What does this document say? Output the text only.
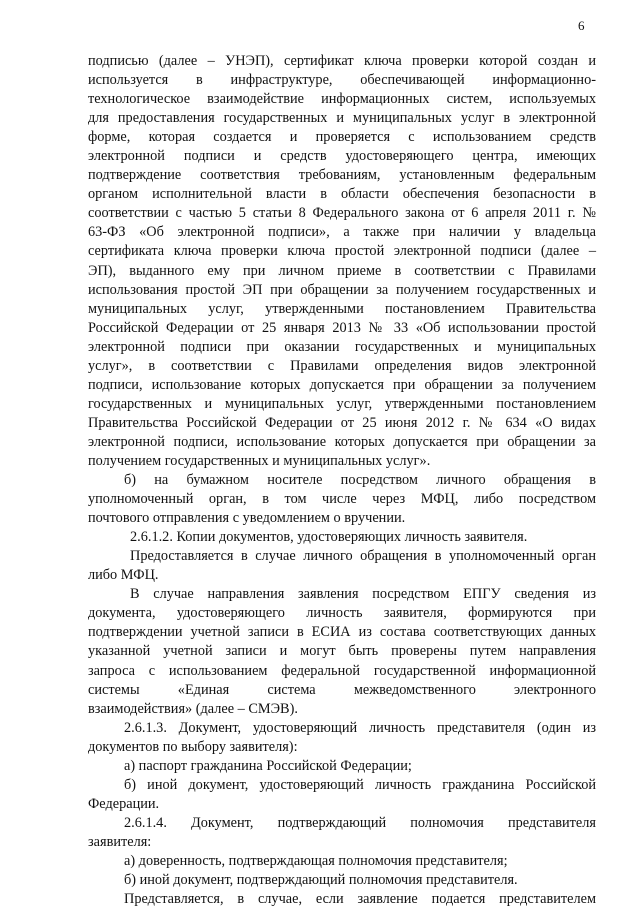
6
подписью (далее – УНЭП), сертификат ключа проверки которой создан и
используется в инфраструктуре, обеспечивающей информационно-
технологическое взаимодействие информационных систем, используемых
для предоставления государственных и муниципальных услуг в электронной
форме, которая создается и проверяется с использованием средств
электронной подписи и средств удостоверяющего центра, имеющих
подтверждение соответствия требованиям, установленным федеральным
органом исполнительной власти в области обеспечения безопасности в
соответствии с частью 5 статьи 8 Федерального закона от 6 апреля 2011 г. №
63-ФЗ «Об электронной подписи», а также при наличии у владельца
сертификата ключа проверки ключа простой электронной подписи (далее –
ЭП), выданного ему при личном приеме в соответствии с Правилами
использования простой ЭП при обращении за получением государственных и
муниципальных услуг, утвержденными постановлением Правительства
Российской Федерации от 25 января 2013 № 33 «Об использовании простой
электронной подписи при оказании государственных и муниципальных
услуг», в соответствии с Правилами определения видов электронной
подписи, использование которых допускается при обращении за получением
государственных и муниципальных услуг, утвержденными постановлением
Правительства Российской Федерации от 25 июня 2012 г. № 634 «О видах
электронной подписи, использование которых допускается при обращении за
получением государственных и муниципальных услуг».
б) на бумажном носителе посредством личного обращения в
уполномоченный орган, в том числе через МФЦ, либо посредством
почтового отправления с уведомлением о вручении.
2.6.1.2. Копии документов, удостоверяющих личность заявителя.
Предоставляется в случае личного обращения в уполномоченный орган
либо МФЦ.
В случае направления заявления посредством ЕПГУ сведения из
документа, удостоверяющего личность заявителя, формируются при
подтверждении учетной записи в ЕСИА из состава соответствующих данных
указанной учетной записи и могут быть проверены путем направления
запроса с использованием федеральной государственной информационной
системы «Единая система межведомственного электронного
взаимодействия» (далее – СМЭВ).
2.6.1.3. Документ, удостоверяющий личность представителя (один из
документов по выбору заявителя):
а) паспорт гражданина Российской Федерации;
б) иной документ, удостоверяющий личность гражданина Российской
Федерации.
2.6.1.4. Документ, подтверждающий полномочия представителя
заявителя:
а) доверенность, подтверждающая полномочия представителя;
б) иной документ, подтверждающий полномочия представителя.
Представляется, в случае, если заявление подается представителем
